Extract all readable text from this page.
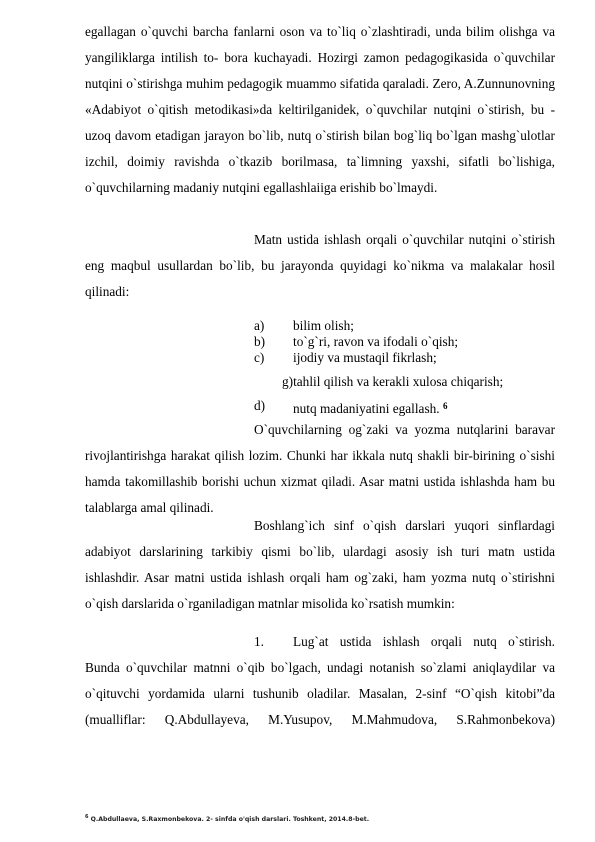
egallagan o`quvchi barcha fanlarni oson va to`liq o`zlashtiradi, unda bilim olishga va yangiliklarga intilish to- bora kuchayadi. Hozirgi zamon pedagogikasida o`quvchilar nutqini o`stirishga muhim pedagogik muammo sifatida qaraladi. Zero, A.Zunnunovning «Adabiyot o`qitish metodikasi»da keltirilganidek, o`quvchilar nutqini o`stirish, bu - uzoq davom etadigan jarayon bo`lib, nutq o`stirish bilan bog`liq bo`lgan mashg`ulotlar izchil, doimiy ravishda o`tkazib borilmasa, ta`limning yaxshi, sifatli bo`lishiga, o`quvchilarning madaniy nutqini egallashlaiiga erishib bo`lmaydi.

Matn ustida ishlash orqali o`quvchilar nutqini o`stirish eng maqbul usullardan bo`lib, bu jarayonda quyidagi ko`nikma va malakalar hosil qilinadi:

a) bilim olish;
b) to`g`ri, ravon va ifodali o`qish;
c) ijodiy va mustaqil fikrlash;
g)tahlil qilish va kerakli xulosa chiqarish;
d) nutq madaniyatini egallash. $^6$

O`quvchilarning og`zaki va yozma nutqlarini baravar rivojlantirishga harakat qilish lozim. Chunki har ikkala nutq shakli bir-birining o`sishi hamda takomillashib borishi uchun xizmat qiladi. Asar matni ustida ishlashda ham bu talablarga amal qilinadi.

Boshlang`ich sinf o`qish darslari yuqori sinflardagi adabiyot darslarining tarkibiy qismi bo`lib, ulardagi asosiy ish turi matn ustida ishlashdir. Asar matni ustida ishlash orqali ham og`zaki, ham yozma nutq o`stirishni o`qish darslarida o`rganiladigan matnlar misolida ko`rsatish mumkin:

1. Lug`at ustida ishlash orqali nutq o`stirish.

Bunda o`quvchilar matnni o`qib bo`lgach, undagi notanish so`zlami aniqlaydilar va o`qituvchi yordamida ularni tushunib oladilar. Masalan, 2-sinf “O`qish kitobi”da (mualliflar: Q.Abdullayeva, M.Yusupov, M.Mahmudova, S.Rahmonbekova)

$^6$ Q.Abdullaeva, S.Raxmonbekova. 2- sinfda o'qish darslari. Toshkent, 2014.8-bet.
